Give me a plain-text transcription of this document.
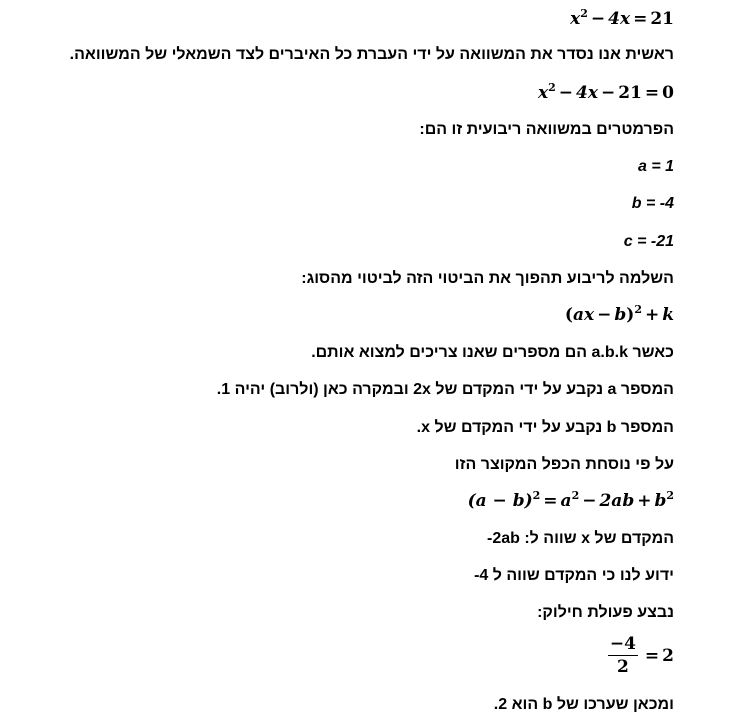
$x^2 - 4x = 21$
ראשית אנו נסדר את המשוואה על ידי העברת כל האיברים לצד השמאלי של המשוואה.
$x^2 - 4x - 21 = 0$
הפרמטרים במשוואה ריבועית זו הם:
a = 1
b = -4
c = -21
השלמה לריבוע תהפוך את הביטוי הזה לביטוי מהסוג:
(ax − b)$^2$ + k
כאשר a.b.k הם מספרים שאנו צריכים למצוא אותם.
המספר a נקבע על ידי המקדם של 2x ובמקרה כאן (ולרוב) יהיה 1.
המספר b נקבע על ידי המקדם של x.
על פי נוסחת הכפל המקוצר הזו
$(a - b)^2 = a^2 - 2ab + b^2$
המקדם של x שווה ל: 2ab-
ידוע לנו כי המקדם שווה ל 4-
נבצע פעולת חילוק:
$\frac{-4}{2} = 2$
ומכאן שערכו של b הוא 2.
